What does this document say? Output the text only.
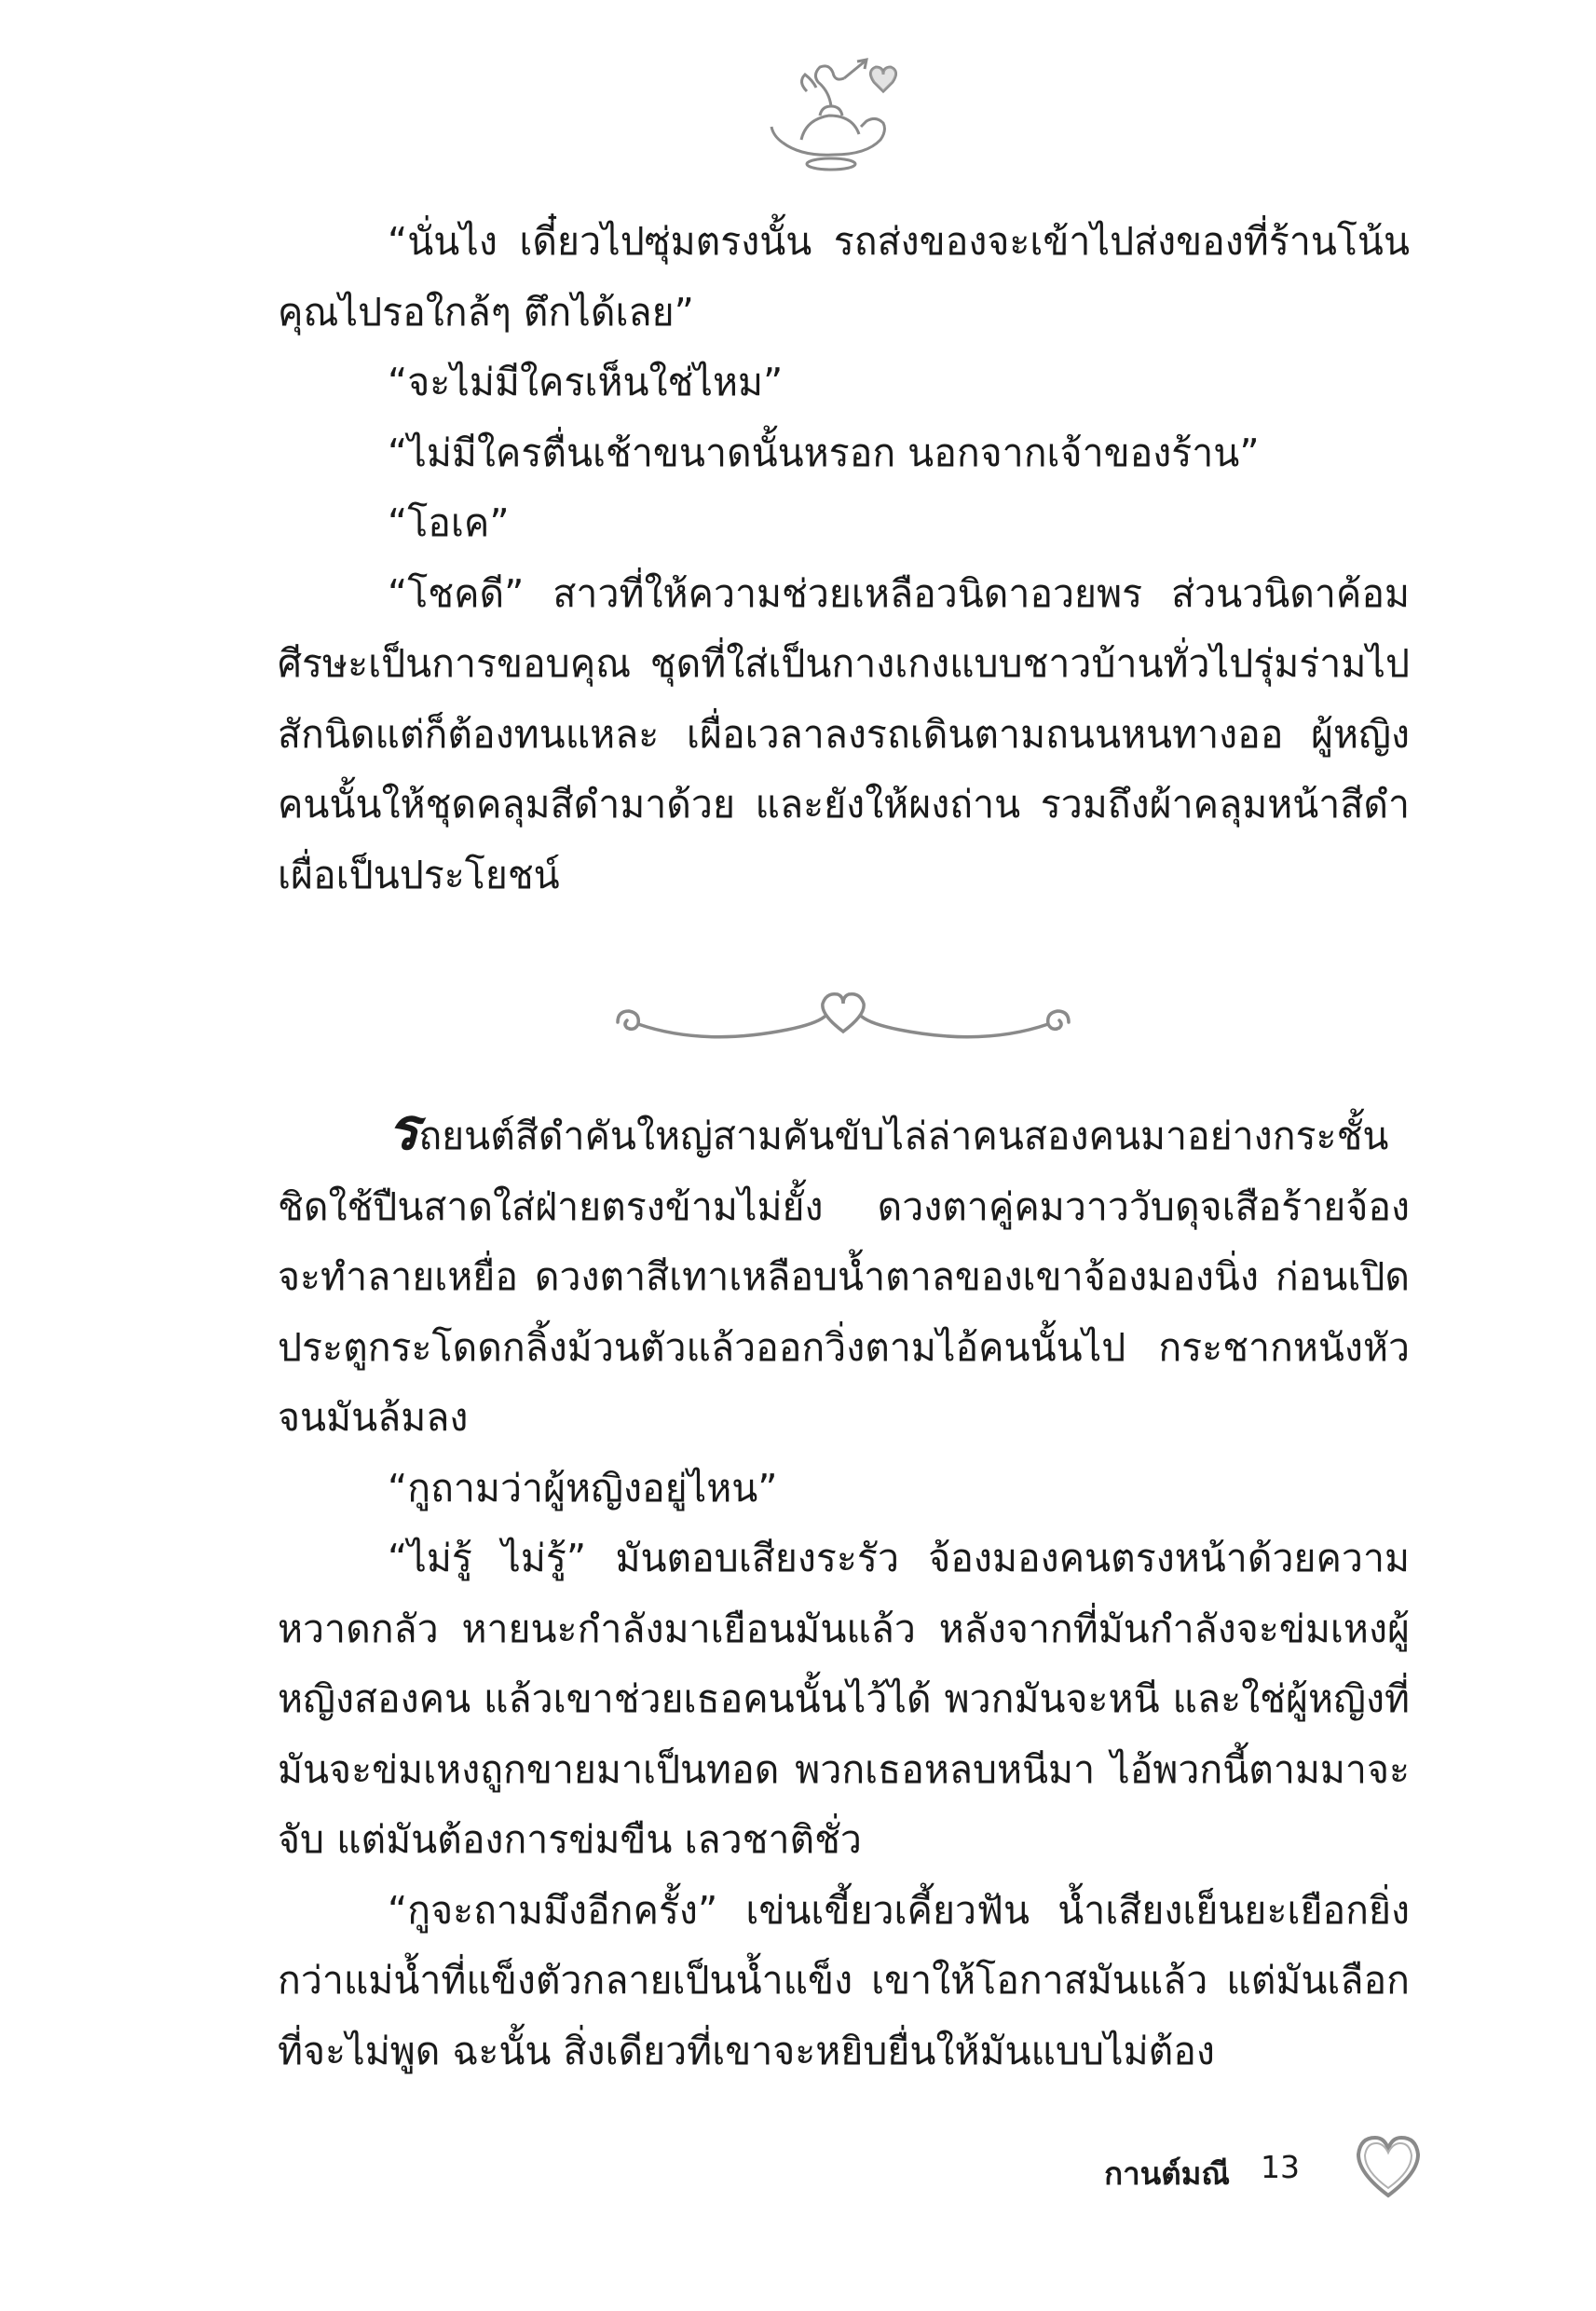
“นั่นไง เดี๋ยวไปซุ่มตรงนั้น รถส่งของจะเข้าไปส่งของที่ร้านโน้น คุณไปรอใกล้ๆ ตึกได้เลย”

“จะไม่มีใครเห็นใช่ไหม”

“ไม่มีใครตื่นเช้าขนาดนั้นหรอก นอกจากเจ้าของร้าน”

“โอเค”

“โชคดี” สาวที่ให้ความช่วยเหลือวนิดาอวยพร ส่วนวนิดาค้อมศีรษะเป็นการขอบคุณ ชุดที่ใส่เป็นกางเกงแบบชาวบ้านทั่วไปรุ่มร่ามไปสักนิดแต่ก็ต้องทนแหละ เผื่อเวลาลงรถเดินตามถนนหนทางออ ผู้หญิงคนนั้นให้ชุดคลุมสีดำมาด้วย และยังให้ผงถ่าน รวมถึงผ้าคลุมหน้าสีดำ เผื่อเป็นประโยชน์

รถยนต์สีดำคันใหญ่สามคันขับไล่ล่าคนสองคนมาอย่างกระชั้นชิดใช้ปืนสาดใส่ฝ่ายตรงข้ามไม่ยั้ง ดวงตาคู่คมวาววับดุจเสือร้ายจ้องจะทำลายเหยื่อ ดวงตาสีเทาเหลือบน้ำตาลของเขาจ้องมองนิ่ง ก่อนเปิดประตูกระโดดกลิ้งม้วนตัวแล้วออกวิ่งตามไอ้คนนั้นไป กระชากหนังหัวจนมันล้มลง

“กูถามว่าผู้หญิงอยู่ไหน”

“ไม่รู้ ไม่รู้” มันตอบเสียงระรัว จ้องมองคนตรงหน้าด้วยความหวาดกลัว หายนะกำลังมาเยือนมันแล้ว หลังจากที่มันกำลังจะข่มเหงผู้หญิงสองคน แล้วเขาช่วยเธอคนนั้นไว้ได้ พวกมันจะหนี และใช่ผู้หญิงที่มันจะข่มเหงถูกขายมาเป็นทอด พวกเธอหลบหนีมา ไอ้พวกนี้ตามมาจะจับ แต่มันต้องการข่มขืน เลวชาติชั่ว

“กูจะถามมึงอีกครั้ง” เข่นเขี้ยวเคี้ยวฟัน น้ำเสียงเย็นยะเยือกยิ่งกว่าแม่น้ำที่แข็งตัวกลายเป็นน้ำแข็ง เขาให้โอกาสมันแล้ว แต่มันเลือกที่จะไม่พูด ฉะนั้น สิ่งเดียวที่เขาจะหยิบยื่นให้มันแบบไม่ต้อง

กานต์มณี 13
